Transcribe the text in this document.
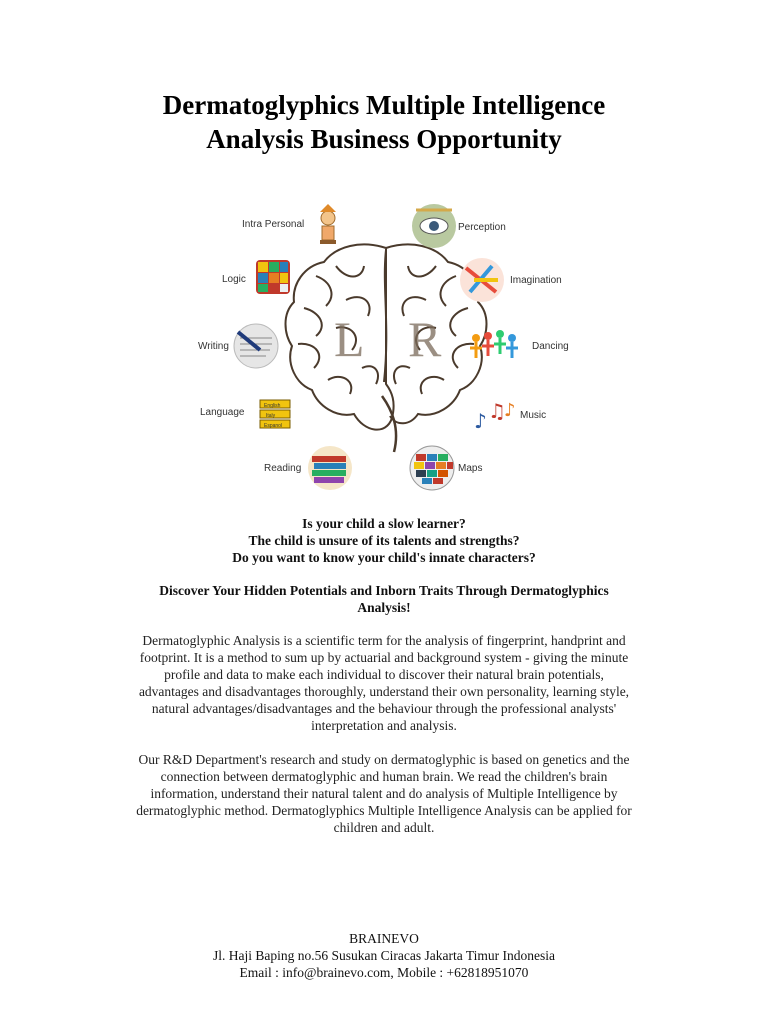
Dermatoglyphics Multiple Intelligence
Analysis Business Opportunity
L R
English
Italy
Espanol	♪ ♫
♪
Intra Personal
Logic
Writing
Language
Reading
Perception
Imagination
Dancing
Music
Maps
Is your child a slow learner?
The child is unsure of its talents and strengths?
Do you want to know your child's innate characters?
Discover Your Hidden Potentials and Inborn Traits Through Dermatoglyphics Analysis!
Dermatoglyphic Analysis is a scientific term for the analysis of fingerprint, handprint and footprint. It is a method to sum up by actuarial and background system - giving the minute profile and data to make each individual to discover their natural brain potentials, advantages and disadvantages thoroughly, understand their own personality, learning style, natural advantages/disadvantages and the behaviour through the professional analysts' interpretation and analysis.
Our R&D Department's research and study on dermatoglyphic is based on genetics and the connection between dermatoglyphic and human brain. We read the children's brain information, understand their natural talent and do analysis of Multiple Intelligence by dermatoglyphic method. Dermatoglyphics Multiple Intelligence Analysis can be applied for children and adult.
BRAINEVO
Jl. Haji Baping no.56 Susukan Ciracas Jakarta Timur Indonesia
Email : info@brainevo.com, Mobile : +62818951070
